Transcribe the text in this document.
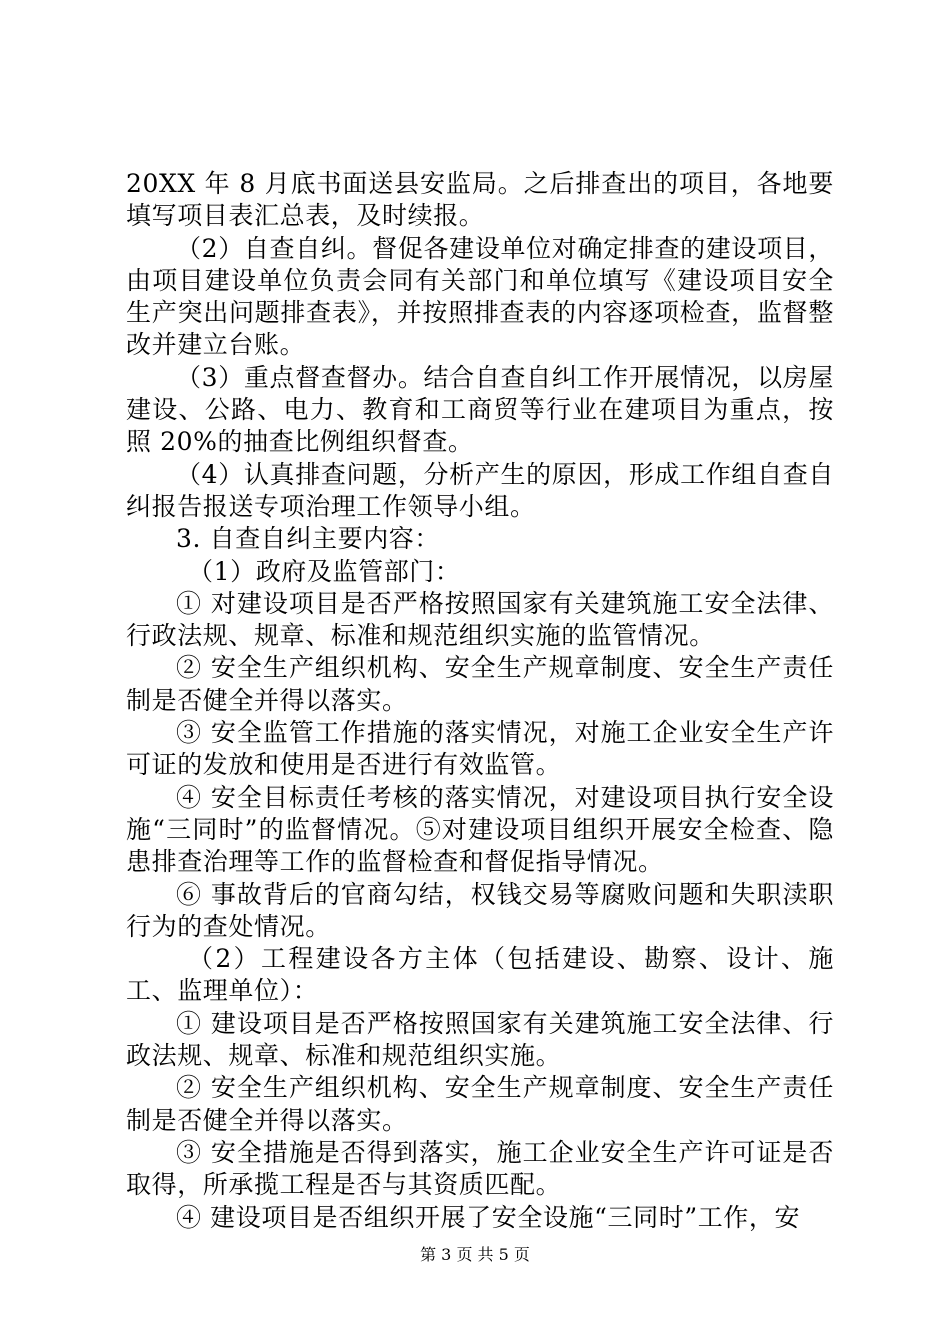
20XX 年 8 月底书面送县安监局。之后排查出的项目，各地要填写项目表汇总表，及时续报。

（2）自查自纠。督促各建设单位对确定排查的建设项目，由项目建设单位负责会同有关部门和单位填写《建设项目安全生产突出问题排查表》，并按照排查表的内容逐项检查，监督整改并建立台账。

（3）重点督查督办。结合自查自纠工作开展情况，以房屋建设、公路、电力、教育和工商贸等行业在建项目为重点，按照 20%的抽查比例组织督查。

（4）认真排查问题，分析产生的原因，形成工作组自查自纠报告报送专项治理工作领导小组。

3. 自查自纠主要内容：

（1）政府及监管部门：

① 对建设项目是否严格按照国家有关建筑施工安全法律、行政法规、规章、标准和规范组织实施的监管情况。

② 安全生产组织机构、安全生产规章制度、安全生产责任制是否健全并得以落实。

③ 安全监管工作措施的落实情况，对施工企业安全生产许可证的发放和使用是否进行有效监管。

④ 安全目标责任考核的落实情况，对建设项目执行安全设施“三同时”的监督情况。⑤对建设项目组织开展安全检查、隐患排查治理等工作的监督检查和督促指导情况。

⑥ 事故背后的官商勾结，权钱交易等腐败问题和失职渎职行为的查处情况。

（2）工程建设各方主体（包括建设、勘察、设计、施工、监理单位）：

① 建设项目是否严格按照国家有关建筑施工安全法律、行政法规、规章、标准和规范组织实施。

② 安全生产组织机构、安全生产规章制度、安全生产责任制是否健全并得以落实。

③ 安全措施是否得到落实，施工企业安全生产许可证是否取得，所承揽工程是否与其资质匹配。

④ 建设项目是否组织开展了安全设施“三同时”工作，安

第 3 页 共 5 页
